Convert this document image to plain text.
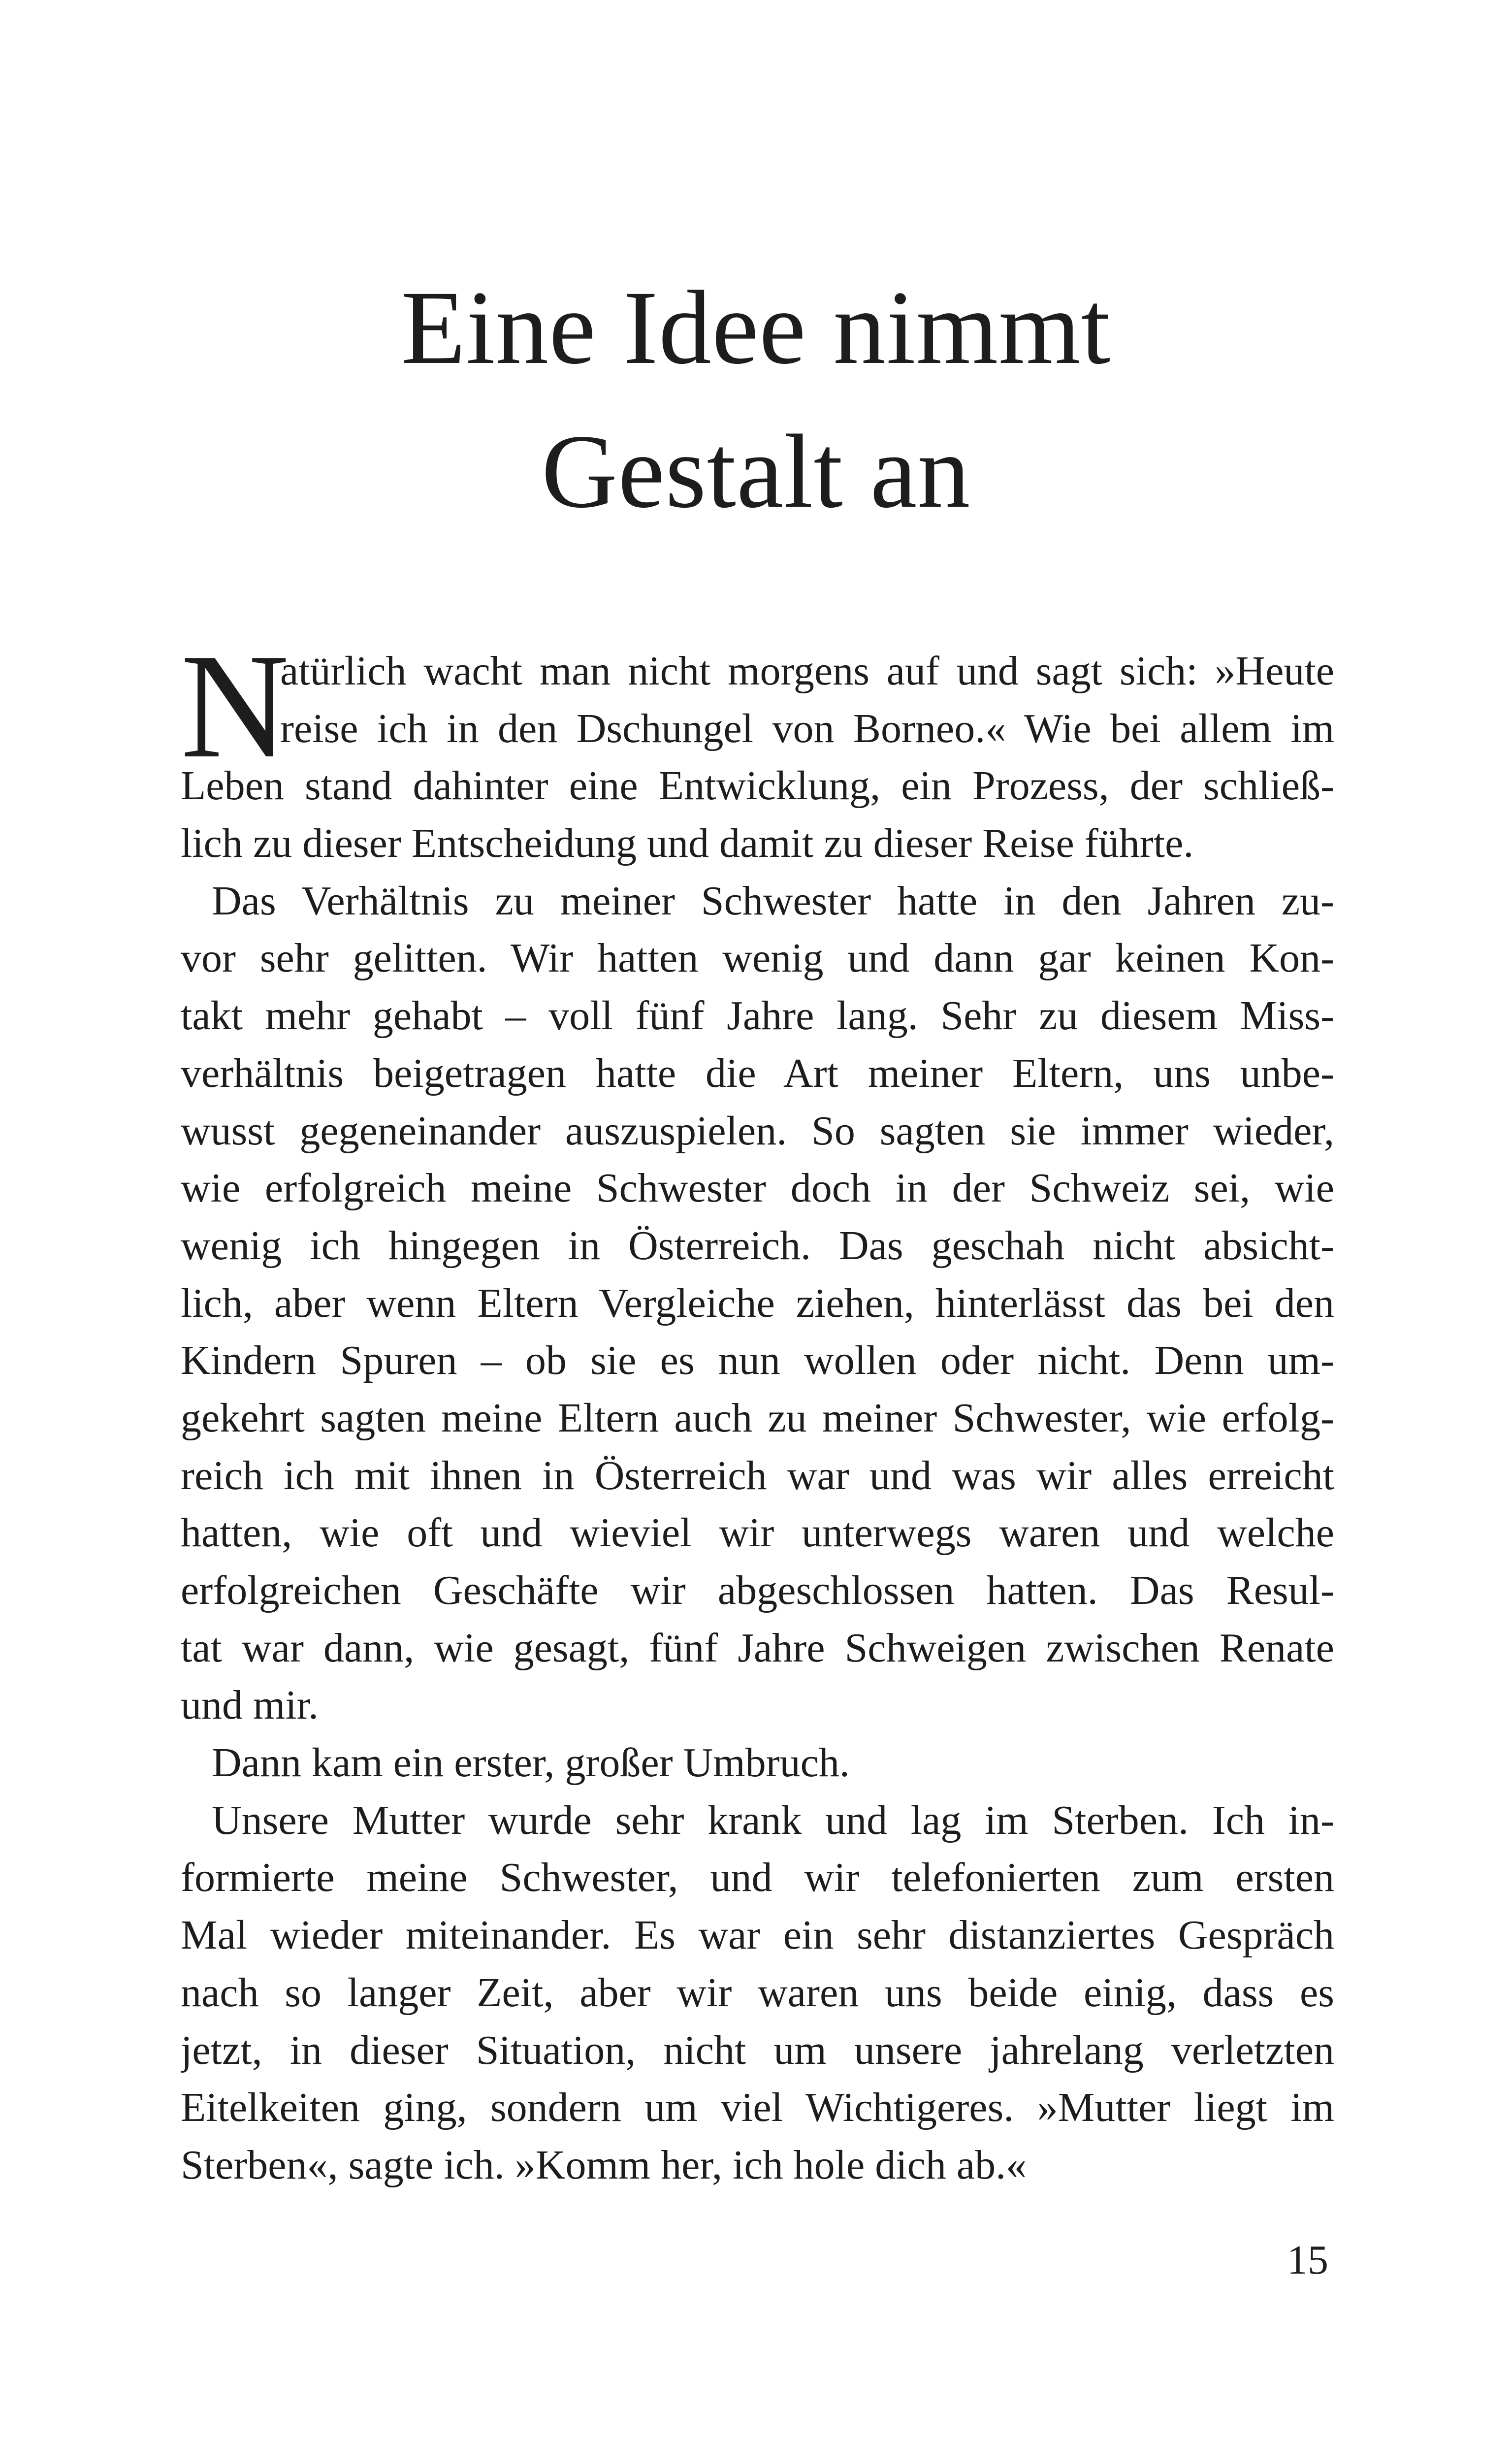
Eine Idee nimmt
Gestalt an
N
atürlich wacht man nicht morgens auf und sagt sich: »Heute
reise ich in den Dschungel von Borneo.« Wie bei allem im
Leben stand dahinter eine Entwicklung, ein Prozess, der schließ-
lich zu dieser Entscheidung und damit zu dieser Reise führte.
Das Verhältnis zu meiner Schwester hatte in den Jahren zu-
vor sehr gelitten. Wir hatten wenig und dann gar keinen Kon-
takt mehr gehabt – voll fünf Jahre lang. Sehr zu diesem Miss-
verhältnis beigetragen hatte die Art meiner Eltern, uns unbe-
wusst gegeneinander auszuspielen. So sagten sie immer wieder,
wie erfolgreich meine Schwester doch in der Schweiz sei, wie
wenig ich hingegen in Österreich. Das geschah nicht absicht-
lich, aber wenn Eltern Vergleiche ziehen, hinterlässt das bei den
Kindern Spuren – ob sie es nun wollen oder nicht. Denn um-
gekehrt sagten meine Eltern auch zu meiner Schwester, wie erfolg-
reich ich mit ihnen in Österreich war und was wir alles erreicht
hatten, wie oft und wieviel wir unterwegs waren und welche
erfolgreichen Geschäfte wir abgeschlossen hatten. Das Resul-
tat war dann, wie gesagt, fünf Jahre Schweigen zwischen Renate
und mir.
Dann kam ein erster, großer Umbruch.
Unsere Mutter wurde sehr krank und lag im Sterben. Ich in-
formierte meine Schwester, und wir telefonierten zum ersten
Mal wieder miteinander. Es war ein sehr distanziertes Gespräch
nach so langer Zeit, aber wir waren uns beide einig, dass es
jetzt, in dieser Situation, nicht um unsere jahrelang verletzten
Eitelkeiten ging, sondern um viel Wichtigeres. »Mutter liegt im
Sterben«, sagte ich. »Komm her, ich hole dich ab.«
15
